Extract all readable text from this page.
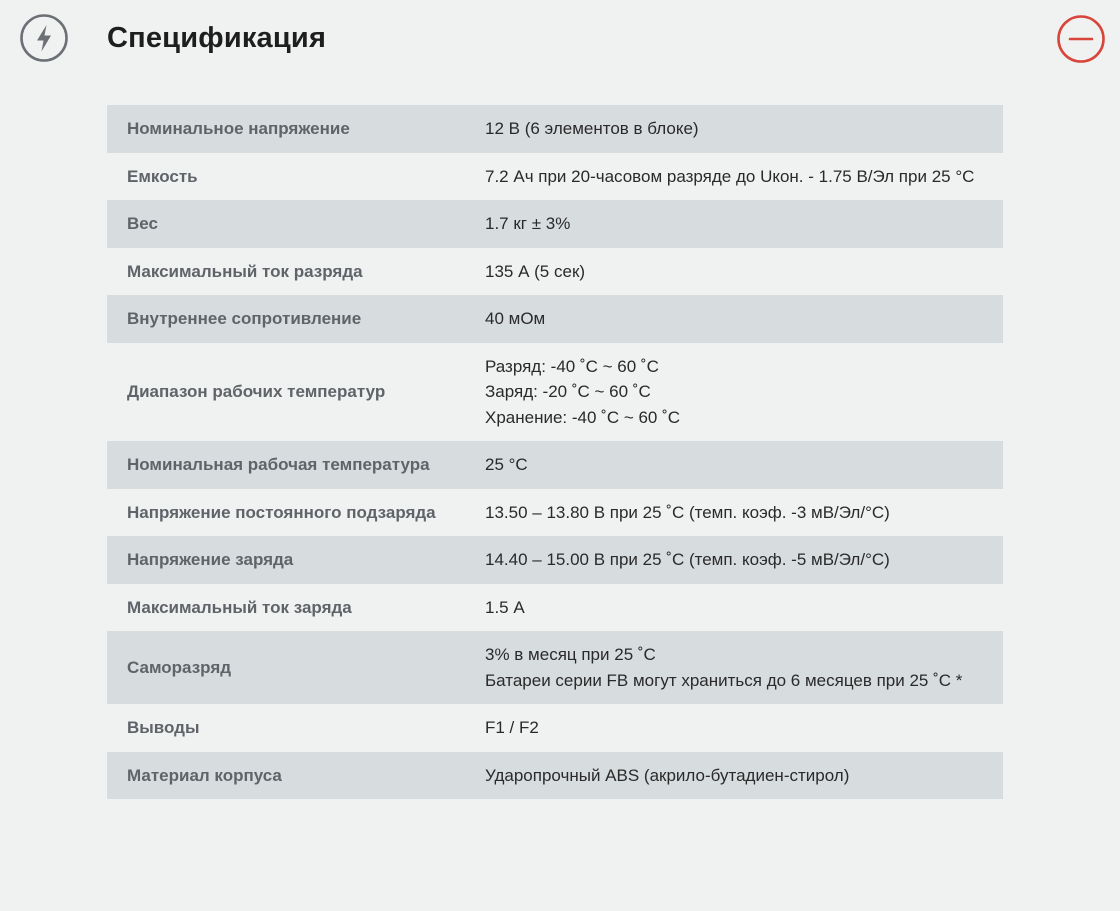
Спецификация
Номинальное напряжение	12 В (6 элементов в блоке)

Емкость	7.2 Ач при 20-часовом разряде до Uкон. - 1.75 В/Эл при 25 °C

Вес	1.7 кг ± 3%

Максимальный ток разряда	135 А (5 сек)

Внутреннее сопротивление	40 мОм

Диапазон рабочих температур	Разряд: -40 ˚C ~ 60 ˚C
Заряд: -20 ˚C ~ 60 ˚C
Хранение: -40 ˚C ~ 60 ˚C

Номинальная рабочая температура	25 °C

Напряжение постоянного подзаряда	13.50 – 13.80 В при 25 ˚C (темп. коэф. -3 мВ/Эл/°C)

Напряжение заряда	14.40 – 15.00 В при 25 ˚C (темп. коэф. -5 мВ/Эл/°C)

Максимальный ток заряда	1.5 А

Саморазряд	3% в месяц при 25 ˚C
Батареи серии FB могут храниться до 6 месяцев при 25 ˚C *

Выводы	F1 / F2

Материал корпуса	Ударопрочный ABS (акрило-бутадиен-стирол)
